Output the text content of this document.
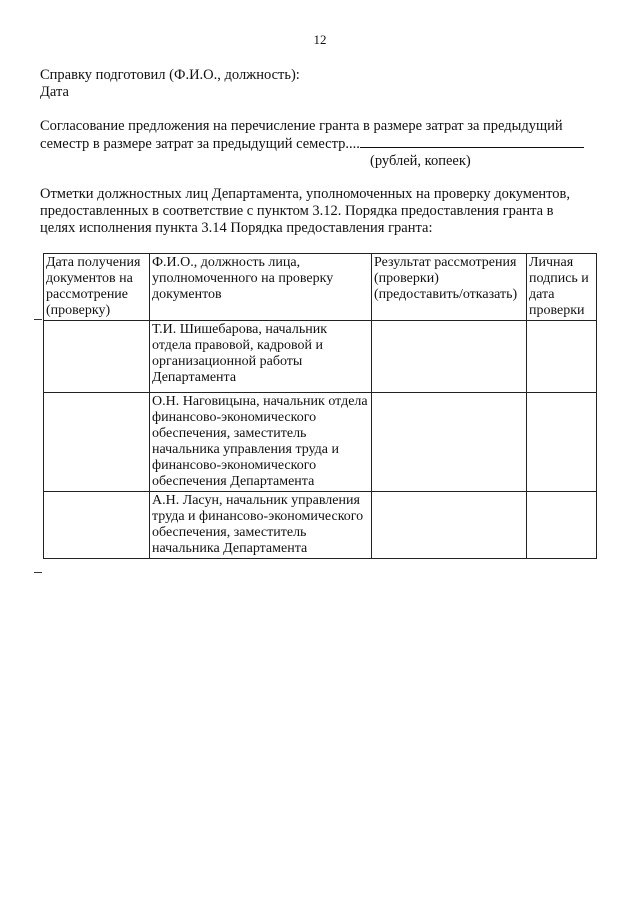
12
Справку подготовил (Ф.И.О., должность):
Дата
Согласование предложения на перечисление гранта в размере затрат за предыдущий
семестр в размере затрат за предыдущий семестр....
(рублей, копеек)
Отметки должностных лиц Департамента, уполномоченных на проверку документов,
предоставленных в соответствие с пунктом 3.12. Порядка предоставления гранта в
целях исполнения пункта 3.14 Порядка предоставления гранта:
Дата получения документов на рассмотрение (проверку)	Ф.И.О., должность лица, уполномоченного на проверку документов	Результат рассмотрения (проверки) (предоставить/отказать)	Личная подпись и дата проверки
	Т.И. Шишебарова, начальник отдела правовой, кадровой и организационной работы Департамента		
	О.Н. Наговицына, начальник отдела финансово-экономического обеспечения, заместитель начальника управления труда и финансово-экономического обеспечения Департамента		
	А.Н. Ласун, начальник управления труда и финансово-экономического обеспечения, заместитель начальника Департамента		
